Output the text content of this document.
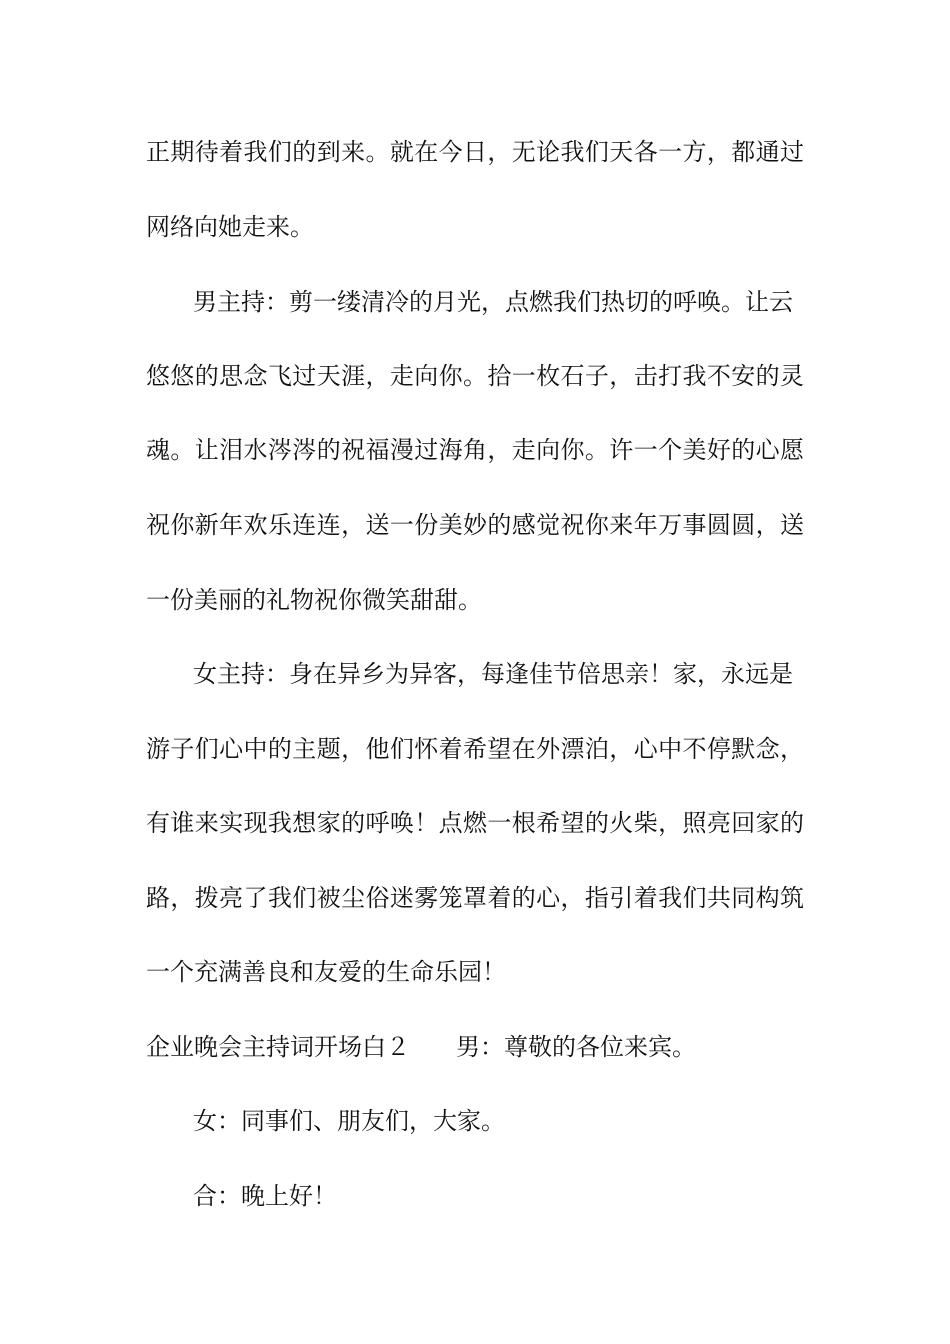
正期待着我们的到来。就在今日，无论我们天各一方，都通过

网络向她走来。

男主持：剪一缕清冷的月光，点燃我们热切的呼唤。让云

悠悠的思念飞过天涯，走向你。拾一枚石子，击打我不安的灵

魂。让泪水涔涔的祝福漫过海角，走向你。许一个美好的心愿

祝你新年欢乐连连，送一份美妙的感觉祝你来年万事圆圆，送

一份美丽的礼物祝你微笑甜甜。

女主持：身在异乡为异客，每逢佳节倍思亲！家，永远是

游子们心中的主题，他们怀着希望在外漂泊，心中不停默念，

有谁来实现我想家的呼唤！点燃一根希望的火柴，照亮回家的

路，拨亮了我们被尘俗迷雾笼罩着的心，指引着我们共同构筑

一个充满善良和友爱的生命乐园！

企业晚会主持词开场白２ 男：尊敬的各位来宾。

女：同事们、朋友们，大家。

合：晚上好！
